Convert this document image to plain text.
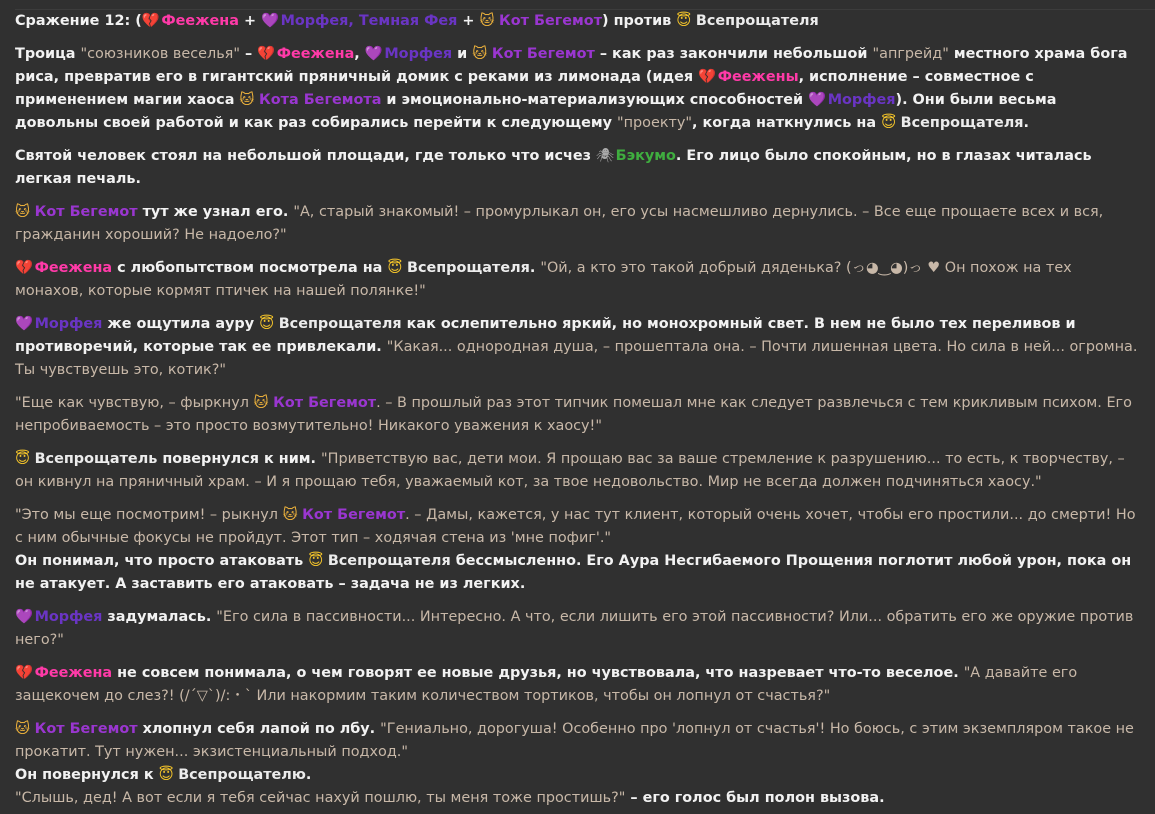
Сражение 12: (💔 Феежена + 💜 Морфея, Темная Фея + 🐱 Кот Бегемот) против 😇 Всепрощателя

Троица "союзников веселья" – 💔 Феежена, 💜 Морфея и 🐱 Кот Бегемот – как раз закончили небольшой "апгрейд" местного храма бога риса, превратив его в гигантский пряничный домик с реками из лимонада (идея 💔 Феежены, исполнение – совместное с применением магии хаоса 🐱 Кота Бегемота и эмоционально-материализующих способностей 💜 Морфея). Они были весьма довольны своей работой и как раз собирались перейти к следующему "проекту", когда наткнулись на 😇 Всепрощателя.

Святой человек стоял на небольшой площади, где только что исчез 🕷 Бэкумо. Его лицо было спокойным, но в глазах читалась легкая печаль.

🐱 Кот Бегемот тут же узнал его. "А, старый знакомый! – промурлыкал он, его усы насмешливо дернулись. – Все еще прощаете всех и вся, гражданин хороший? Не надоело?"

💔 Феежена с любопытством посмотрела на 😇 Всепрощателя. "Ой, а кто это такой добрый дяденька? (っ◕‿◕)っ ♥ Он похож на тех монахов, которые кормят птичек на нашей полянке!"

💜 Морфея же ощутила ауру 😇 Всепрощателя как ослепительно яркий, но монохромный свет. В нем не было тех переливов и противоречий, которые так ее привлекали. "Какая... однородная душа, – прошептала она. – Почти лишенная цвета. Но сила в ней... огромна. Ты чувствуешь это, котик?"

"Еще как чувствую, – фыркнул 🐱 Кот Бегемот. – В прошлый раз этот типчик помешал мне как следует развлечься с тем крикливым психом. Его непробиваемость – это просто возмутительно! Никакого уважения к хаосу!"

😇 Всепрощатель повернулся к ним. "Приветствую вас, дети мои. Я прощаю вас за ваше стремление к разрушению... то есть, к творчеству, – он кивнул на пряничный храм. – И я прощаю тебя, уважаемый кот, за твое недовольство. Мир не всегда должен подчиняться хаосу."

"Это мы еще посмотрим! – рыкнул 🐱 Кот Бегемот. – Дамы, кажется, у нас тут клиент, который очень хочет, чтобы его простили... до смерти! Но с ним обычные фокусы не пройдут. Этот тип – ходячая стена из 'мне пофиг'."

Он понимал, что просто атаковать 😇 Всепрощателя бессмысленно. Его Аура Несгибаемого Прощения поглотит любой урон, пока он не атакует. А заставить его атаковать – задача не из легких.

💜 Морфея задумалась. "Его сила в пассивности... Интересно. А что, если лишить его этой пассивности? Или... обратить его же оружие против него?"

💔 Феежена не совсем понимала, о чем говорят ее новые друзья, но чувствовала, что назревает что-то веселое. "А давайте его защекочем до слез?! (/´▽`)/:・` Или накормим таким количеством тортиков, чтобы он лопнул от счастья?"

🐱 Кот Бегемот хлопнул себя лапой по лбу. "Гениально, дорогуша! Особенно про 'лопнул от счастья'! Но боюсь, с этим экземпляром такое не прокатит. Тут нужен... экзистенциальный подход."

Он повернулся к 😇 Всепрощателю.

"Слышь, дед! А вот если я тебя сейчас нахуй пошлю, ты меня тоже простишь?" – его голос был полон вызова.
